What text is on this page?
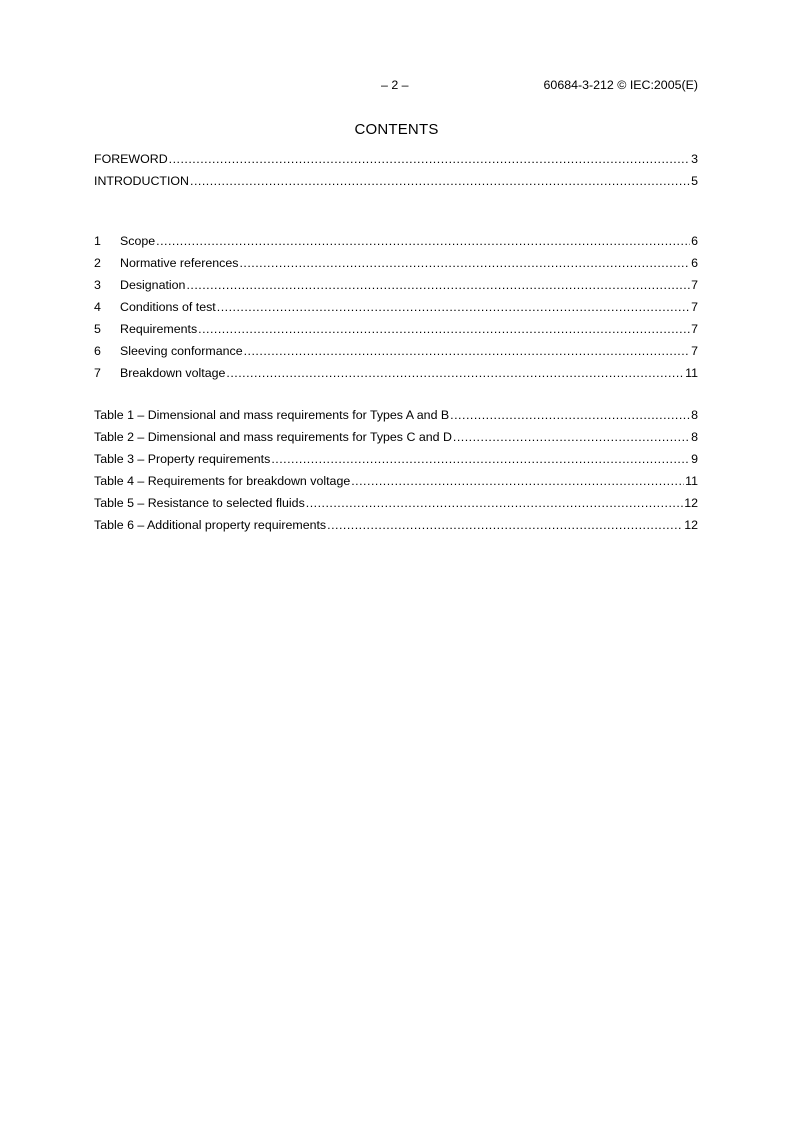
– 2 –	60684-3-212 © IEC:2005(E)
CONTENTS
FOREWORD .....	3
INTRODUCTION .....	5
1	Scope .....	6
2	Normative references .....	6
3	Designation .....	7
4	Conditions of test .....	7
5	Requirements .....	7
6	Sleeving conformance .....	7
7	Breakdown voltage .....	11
Table 1 – Dimensional and mass requirements for Types A and B .....	8
Table 2 – Dimensional and mass requirements for Types C and D .....	8
Table 3 – Property requirements .....	9
Table 4 – Requirements for breakdown voltage .....	11
Table 5 – Resistance to selected fluids .....	12
Table 6 – Additional property requirements .....	12
